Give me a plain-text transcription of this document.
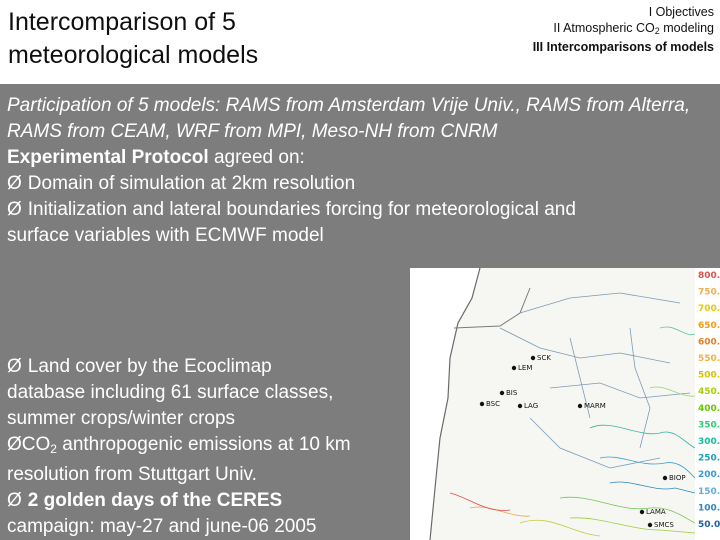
Intercomparison of 5
meteorological models
I Objectives
II Atmospheric $CO_2$ modeling
III Intercomparisons of models
Participation of 5 models: RAMS from Amsterdam Vrije Univ., RAMS from Alterra, RAMS from CEAM, WRF from MPI, Meso-NH from CNRM
Experimental Protocol agreed on:
Ø Domain of simulation at 2km resolution
Ø Initialization and lateral boundaries forcing for meteorological and
surface variables with ECMWF model
Ø Land cover by the Ecoclimap
database including 61 surface classes,
summer crops/winter crops
$ØCO_2$ anthropogenic emissions at 10 km
resolution from Stuttgart Univ.
Ø 2 golden days of the CERES
campaign: may-27 and june-06 2005
SCK
LEM
BIS
BSC	LAG	MARM
SMCS
LAMA
BIOP
800.
750.
700.
650.
600.
550.
500.
450.
400.
350.
300.
250.
200.
150.
100.
50.0
